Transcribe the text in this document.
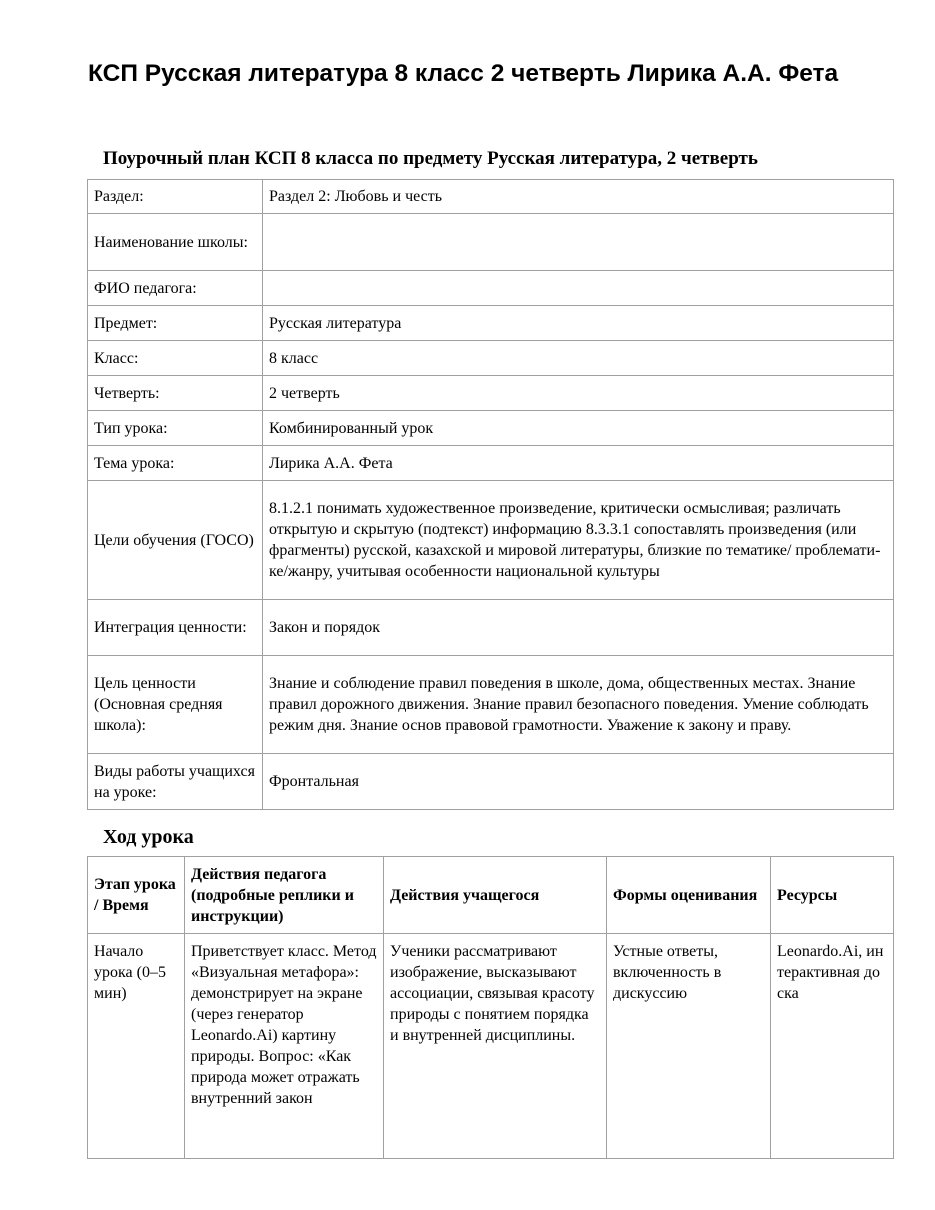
КСП Русская литература 8 класс 2 четверть Лирика А.А. Фета
Поурочный план КСП 8 класса по предмету Русская литература, 2 четверть
Раздел:	Раздел 2: Любовь и честь
Наименование школы:	
ФИО педагога:	
Предмет:	Русская литература
Класс:	8 класс
Четверть:	2 четверть
Тип урока:	Комбинированный урок
Тема урока:	Лирика А.А. Фета
Цели обучения (ГОСО)	8.1.2.1 понимать художественное произведение, критически осмысливая; различать открытую и скрытую (подтекст) информацию 8.3.3.1 сопоставлять произведения (или фрагменты) русской, казахской и мировой литературы, близкие по тематике/ проблемати-ке/жанру, учитывая особенности национальной культуры
Интеграция ценности:	Закон и порядок
Цель ценности (Основная средняя школа):	Знание и соблюдение правил поведения в школе, дома, общественных местах. Знание правил дорожного движения. Знание правил безопасного поведения. Умение соблюдать режим дня. Знание основ правовой грамотности. Уважение к закону и праву.
Виды работы учащихся на уроке:	Фронтальная
Ход урока
Этап урока / Время	Действия педагога (подробные реплики и инструкции)	Действия учащегося	Формы оценивания	Ресурсы
Начало урока (0–5 мин)	Приветствует класс. Метод «Визуальная метафора»: демонстрирует на экране (через генератор Leonardo.Ai) картину природы. Вопрос: «Как природа может отражать внутренний закон	Ученики рассматривают изображение, высказывают ассоциации, связывая красоту природы с понятием порядка и внутренней дисциплины.	Устные ответы, включенность в дискуссию	Leonardo.Ai, интерактивная доска
